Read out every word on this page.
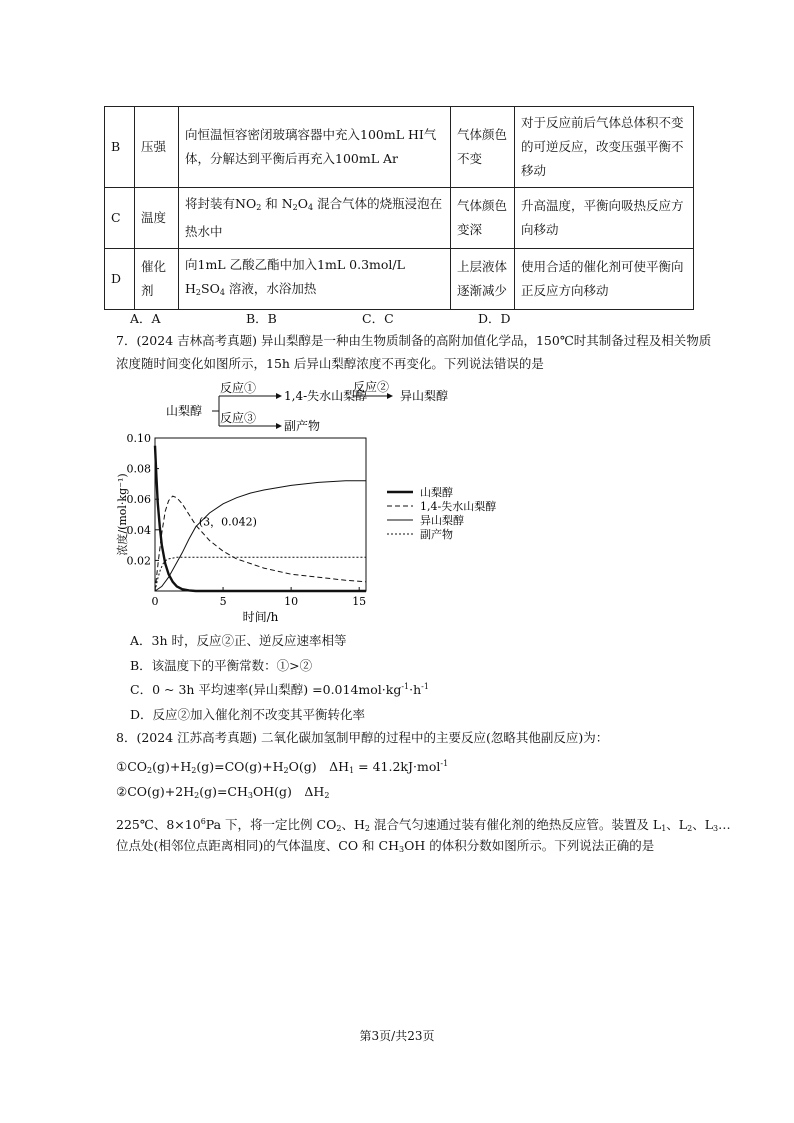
B	压强	向恒温恒容密闭玻璃容器中充入100mL HI气体，分解达到平衡后再充入100mL Ar	气体颜色不变	对于反应前后气体总体积不变的可逆反应，改变压强平衡不移动
C	温度	将封装有$NO_2$ 和 $N_2O_4$ 混合气体的烧瓶浸泡在热水中	气体颜色变深	升高温度，平衡向吸热反应方向移动
D	催化剂	向1mL 乙酸乙酯中加入1mL 0.3mol/L $H_2SO_4$ 溶液，水浴加热	上层液体逐渐减少	使用合适的催化剂可使平衡向正反应方向移动
A．A	B．B	C．C	D．D
7．(2024 吉林高考真题) 异山梨醇是一种由生物质制备的高附加值化学品，150℃时其制备过程及相关物质
浓度随时间变化如图所示，15h 后异山梨醇浓度不再变化。下列说法错误的是
山梨醇
反应①
反应③
1,4-失水山梨醇
反应②
异山梨醇
副产物
0.02
0.04
0.06
0.08
0.10
0	5	10	15
时间/h
浓度/(mol·kg⁻¹)	山梨醇
1,4-失水山梨醇
异山梨醇
副产物
(3，0.042)
A．3h 时，反应②正、逆反应速率相等
B．该温度下的平衡常数：①>②
C．0 ~ 3h 平均速率(异山梨醇) $=0.014mol\cdot kg^{-1}\cdot h^{-1}$
D．反应②加入催化剂不改变其平衡转化率
8．(2024 江苏高考真题) 二氧化碳加氢制甲醇的过程中的主要反应(忽略其他副反应)为：
$①CO_2(g)+H_2(g)=CO(g)+H_2O(g)$　$\Delta H_1 = 41.2kJ\cdot mol^{-1}$
$②CO(g)+2H_2(g)=CH_3OH(g)$　$\Delta H_2$
225℃、$8\times 10^6Pa$ 下，将一定比例 $CO_2$、$H_2$ 混合气匀速通过装有催化剂的绝热反应管。装置及 $L_1$、$L_2$、$L_3\dots$
位点处(相邻位点距离相同)的气体温度、CO 和 $CH_3OH$ 的体积分数如图所示。下列说法正确的是
第3页/共23页
